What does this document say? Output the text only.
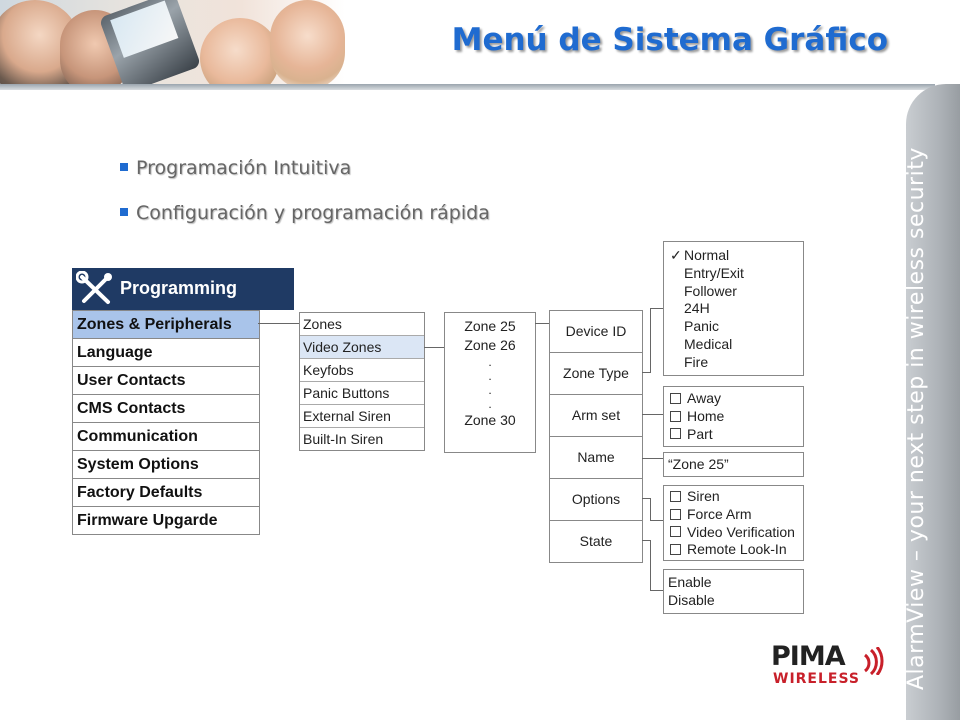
Menú de Sistema Gráfico
AlarmView – your next step in wireless security
Programación Intuitiva
Configuración y programación rápida
Programming
Zones & Peripherals
Language
User Contacts
CMS Contacts
Communication
System Options
Factory Defaults
Firmware Upgarde
Zones
Video Zones
Keyfobs
Panic Buttons
External Siren
Built-In Siren
Zone 25
Zone 26
.
.
.
.
Zone 30
Device ID
Zone Type
Arm set
Name
Options
State
✓ Normal
Entry/Exit
Follower
24H
Panic
Medical
Fire
Away
Home
Part
“Zone 25”
Siren
Force Arm
Video Verification
Remote Look-In
Enable
Disable
PIMA
WIRELESS
